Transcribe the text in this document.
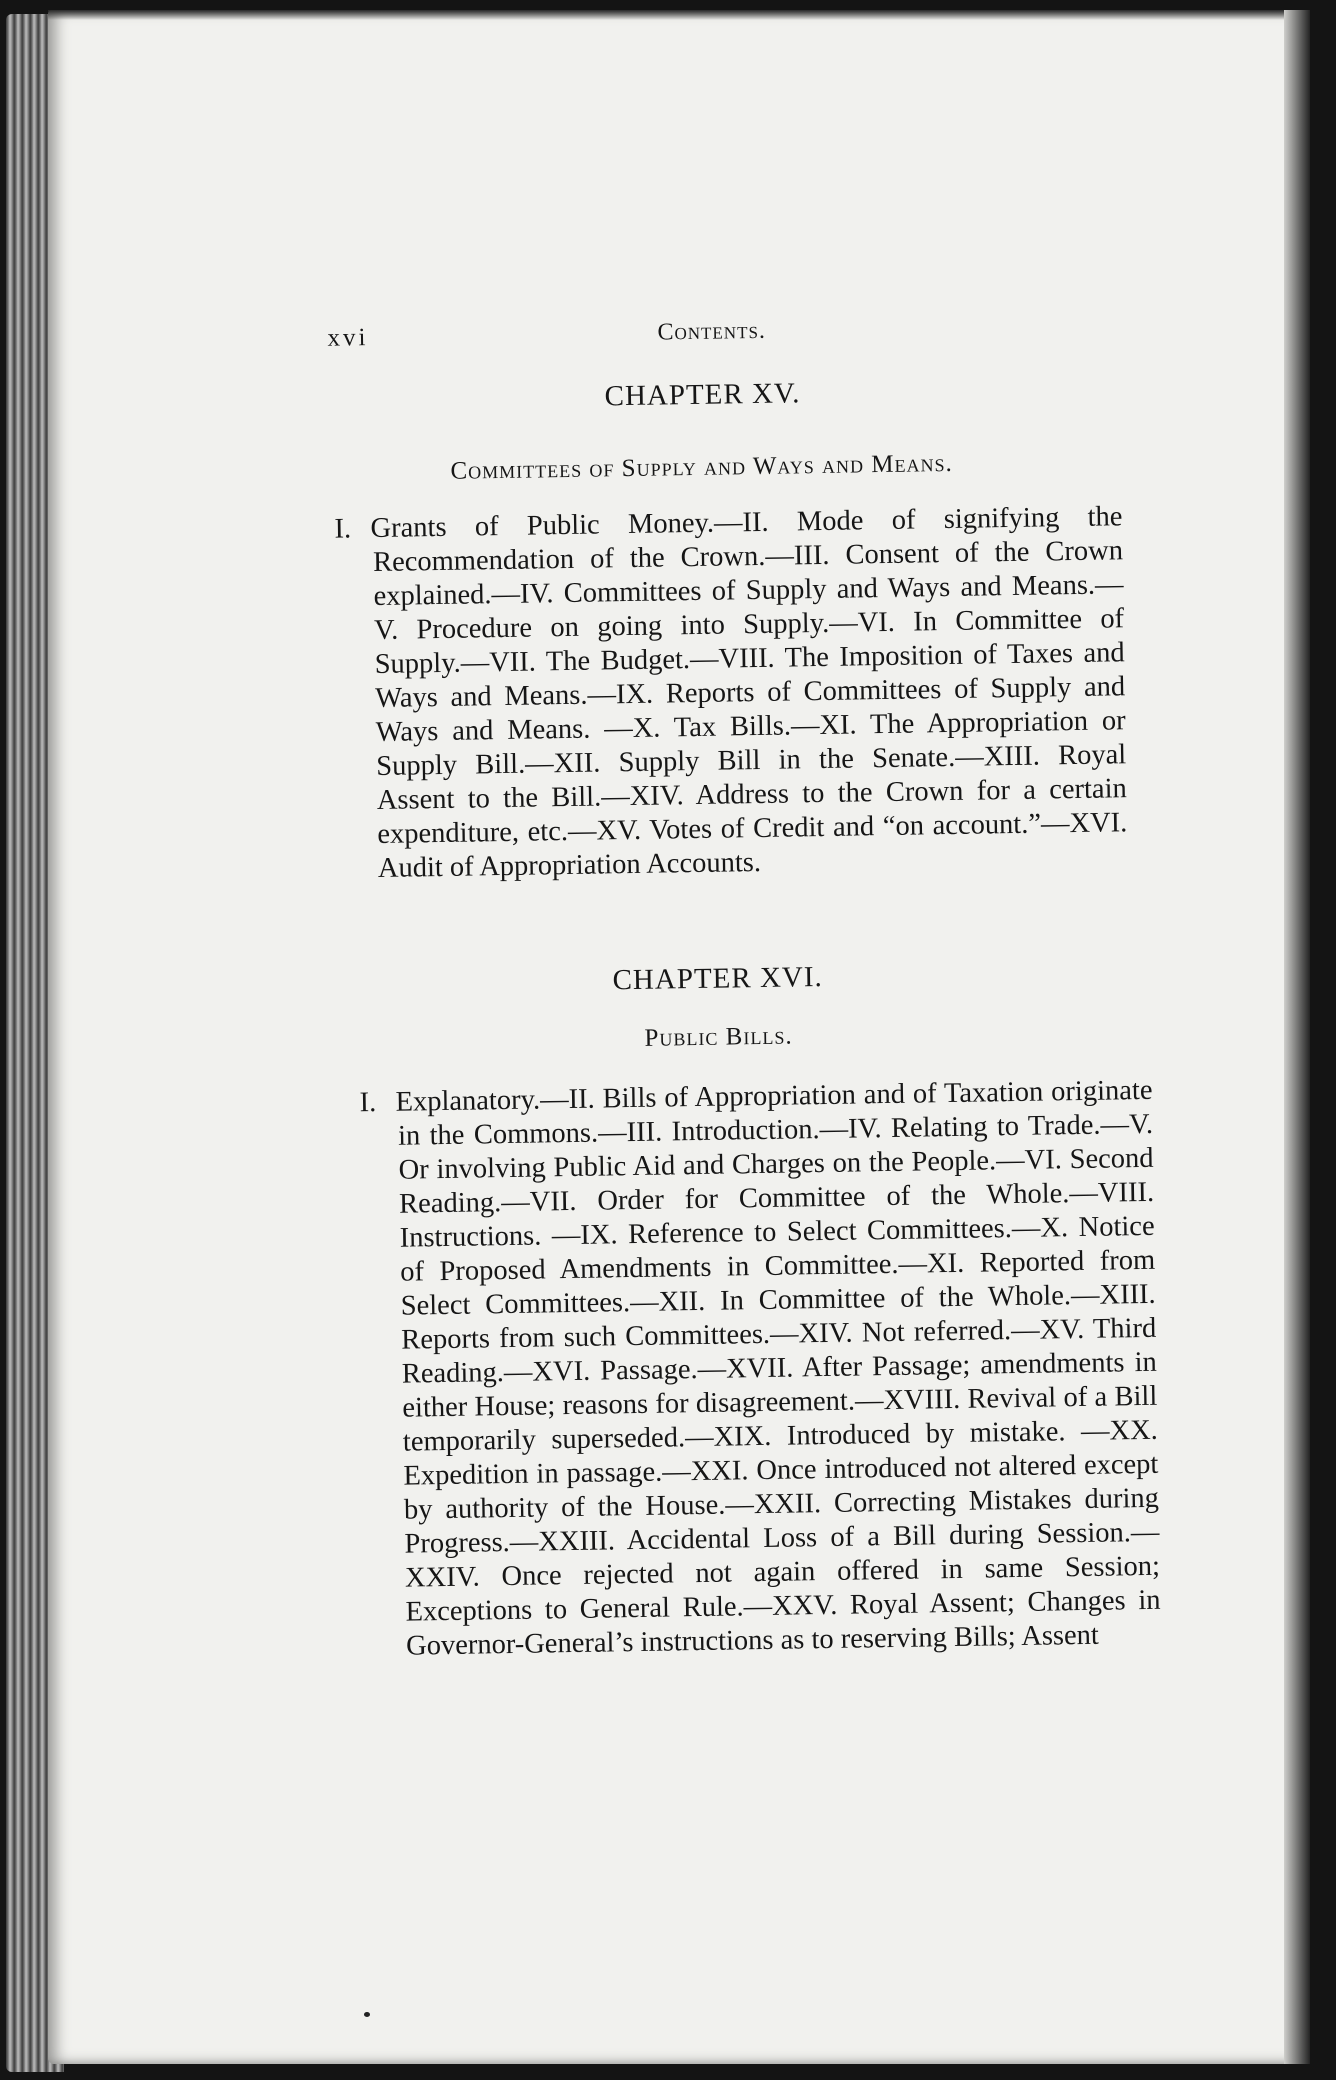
xvi	Contents.
CHAPTER XV.
Committees of Supply and Ways and Means.

I. Grants of Public Money.—II. Mode of signifying the Recommendation of the Crown.—III. Consent of the Crown explained.—IV. Committees of Supply and Ways and Means.—V. Procedure on going into Supply.—VI. In Committee of Supply.—VII. The Budget.—VIII. The Imposition of Taxes and Ways and Means.—IX. Reports of Committees of Supply and Ways and Means. —X. Tax Bills.—XI. The Appropriation or Supply Bill.—XII. Supply Bill in the Senate.—XIII. Royal Assent to the Bill.—XIV. Address to the Crown for a certain expenditure, etc.—XV. Votes of Credit and “on account.”—XVI. Audit of Appropriation Accounts.

CHAPTER XVI.
Public Bills.

I. Explanatory.—II. Bills of Appropriation and of Taxation originate in the Commons.—III. Introduction.—IV. Relating to Trade.—V. Or involving Public Aid and Charges on the People.—VI. Second Reading.—VII. Order for Committee of the Whole.—VIII. Instructions. —IX. Reference to Select Committees.—X. Notice of Proposed Amendments in Committee.—XI. Reported from Select Committees.—XII. In Committee of the Whole.—XIII. Reports from such Committees.—XIV. Not referred.—XV. Third Reading.—XVI. Passage.—XVII. After Passage; amendments in either House; reasons for disagreement.—XVIII. Revival of a Bill temporarily superseded.—XIX. Introduced by mistake. —XX. Expedition in passage.—XXI. Once introduced not altered except by authority of the House.—XXII. Correcting Mistakes during Progress.—XXIII. Accidental Loss of a Bill during Session.—XXIV. Once rejected not again offered in same Session; Exceptions to General Rule.—XXV. Royal Assent; Changes in Governor-General’s instructions as to reserving Bills; Assent
